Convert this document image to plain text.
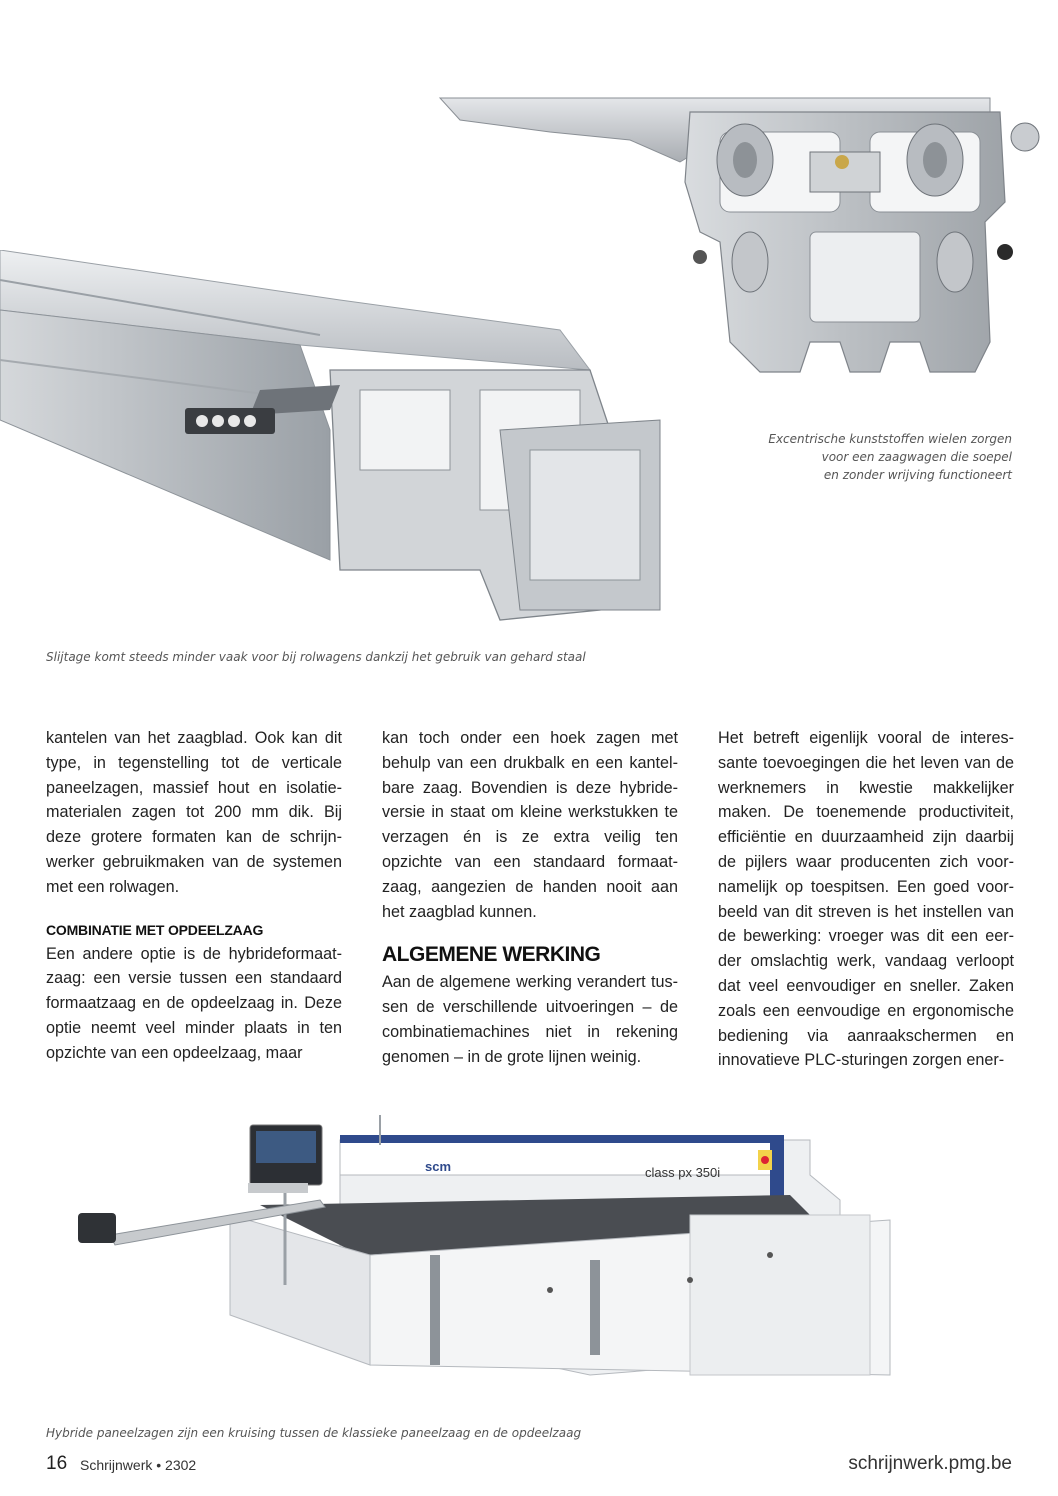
Excentrische kunststoffen wielen zorgen
voor een zaagwagen die soepel
en zonder wrijving functioneert
Slijtage komt steeds minder vaak voor bij rolwagens dankzij het gebruik van gehard staal

kantelen van het zaagblad. Ook kan dit type, in tegenstelling tot de verticale paneelzagen, massief hout en isolatiematerialen zagen tot 200 mm dik. Bij deze grotere formaten kan de schrijnwerker gebruikmaken van de systemen met een rolwagen.

COMBINATIE MET OPDEELZAAG

Een andere optie is de hybrideformaatzaag: een versie tussen een standaard formaatzaag en de opdeelzaag in. Deze optie neemt veel minder plaats in ten opzichte van een opdeelzaag, maar

kan toch onder een hoek zagen met behulp van een drukbalk en een kantelbare zaag. Bovendien is deze hybrideversie in staat om kleine werkstukken te verzagen én is ze extra veilig ten opzichte van een standaard formaatzaag, aangezien de handen nooit aan het zaagblad kunnen.

ALGEMENE WERKING

Aan de algemene werking verandert tussen de verschillende uitvoeringen – de combinatiemachines niet in rekening genomen – in de grote lijnen weinig.

Het betreft eigenlijk vooral de interessante toevoegingen die het leven van de werknemers in kwestie makkelijker maken. De toenemende productiviteit, efficiëntie en duurzaamheid zijn daarbij de pijlers waar producenten zich voornamelijk op toespitsen. Een goed voorbeeld van dit streven is het instellen van de bewerking: vroeger was dit een eerder omslachtig werk, vandaag verloopt dat veel eenvoudiger en sneller. Zaken zoals een eenvoudige en ergonomische bediening via aanraakschermen en innovatieve PLC-sturingen zorgen ener-

scm	class px 350i
Hybride paneelzagen zijn een kruising tussen de klassieke paneelzaag en de opdeelzaag
16 Schrijnwerk • 2302	schrijnwerk.pmg.be
